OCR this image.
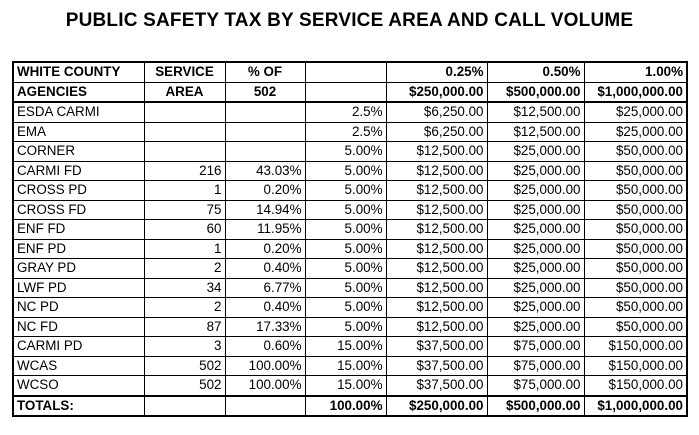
PUBLIC SAFETY TAX BY SERVICE AREA AND CALL VOLUME
WHITE COUNTY	SERVICE	% OF		0.25%	0.50%	1.00%
AGENCIES	AREA	502		$250,000.00	$500,000.00	$1,000,000.00
ESDA CARMI			2.5%	$6,250.00	$12,500.00	$25,000.00
EMA			2.5%	$6,250.00	$12,500.00	$25,000.00
CORNER			5.00%	$12,500.00	$25,000.00	$50,000.00
CARMI FD	216	43.03%	5.00%	$12,500.00	$25,000.00	$50,000.00
CROSS PD	1	0.20%	5.00%	$12,500.00	$25,000.00	$50,000.00
CROSS FD	75	14.94%	5.00%	$12,500.00	$25,000.00	$50,000.00
ENF FD	60	11.95%	5.00%	$12,500.00	$25,000.00	$50,000.00
ENF PD	1	0.20%	5.00%	$12,500.00	$25,000.00	$50,000.00
GRAY PD	2	0.40%	5.00%	$12,500.00	$25,000.00	$50,000.00
LWF PD	34	6.77%	5.00%	$12,500.00	$25,000.00	$50,000.00
NC PD	2	0.40%	5.00%	$12,500.00	$25,000.00	$50,000.00
NC FD	87	17.33%	5.00%	$12,500.00	$25,000.00	$50,000.00
CARMI PD	3	0.60%	15.00%	$37,500.00	$75,000.00	$150,000.00
WCAS	502	100.00%	15.00%	$37,500.00	$75,000.00	$150,000.00
WCSO	502	100.00%	15.00%	$37,500.00	$75,000.00	$150,000.00
TOTALS:			100.00%	$250,000.00	$500,000.00	$1,000,000.00
